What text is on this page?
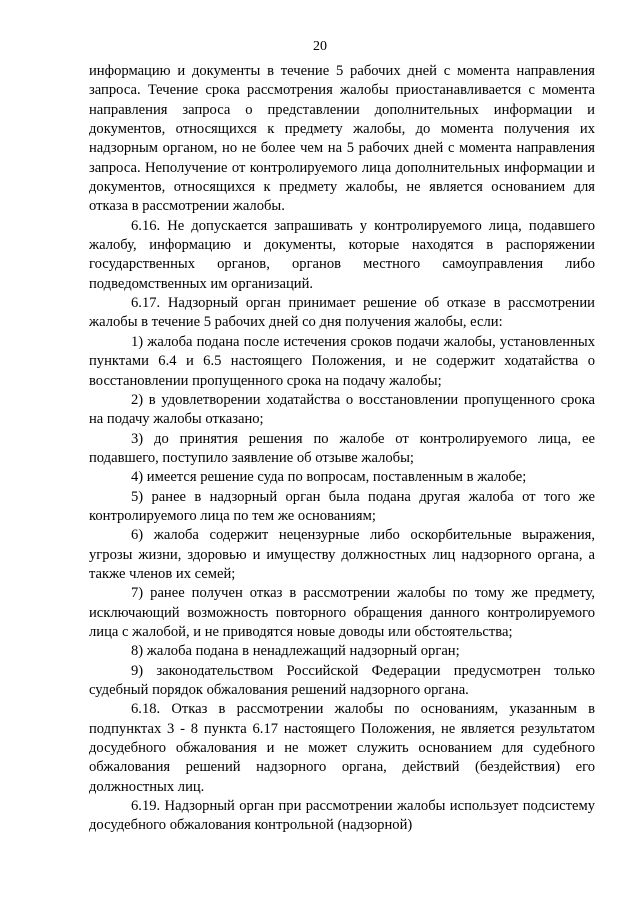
20

информацию и документы в течение 5 рабочих дней с момента направления запроса. Течение срока рассмотрения жалобы приостанавливается с момента направления запроса о представлении дополнительных информации и документов, относящихся к предмету жалобы, до момента получения их надзорным органом, но не более чем на 5 рабочих дней с момента направления запроса. Неполучение от контролируемого лица дополнительных информации и документов, относящихся к предмету жалобы, не является основанием для отказа в рассмотрении жалобы.

6.16. Не допускается запрашивать у контролируемого лица, подавшего жалобу, информацию и документы, которые находятся в распоряжении государственных органов, органов местного самоуправления либо подведомственных им организаций.

6.17. Надзорный орган принимает решение об отказе в рассмотрении жалобы в течение 5 рабочих дней со дня получения жалобы, если:

1) жалоба подана после истечения сроков подачи жалобы, установленных пунктами 6.4 и 6.5 настоящего Положения, и не содержит ходатайства о восстановлении пропущенного срока на подачу жалобы;

2) в удовлетворении ходатайства о восстановлении пропущенного срока на подачу жалобы отказано;

3) до принятия решения по жалобе от контролируемого лица, ее подавшего, поступило заявление об отзыве жалобы;

4) имеется решение суда по вопросам, поставленным в жалобе;

5) ранее в надзорный орган была подана другая жалоба от того же контролируемого лица по тем же основаниям;

6) жалоба содержит нецензурные либо оскорбительные выражения, угрозы жизни, здоровью и имуществу должностных лиц надзорного органа, а также членов их семей;

7) ранее получен отказ в рассмотрении жалобы по тому же предмету, исключающий возможность повторного обращения данного контролируемого лица с жалобой, и не приводятся новые доводы или обстоятельства;

8) жалоба подана в ненадлежащий надзорный орган;

9) законодательством Российской Федерации предусмотрен только судебный порядок обжалования решений надзорного органа.

6.18. Отказ в рассмотрении жалобы по основаниям, указанным в подпунктах 3 - 8 пункта 6.17 настоящего Положения, не является результатом досудебного обжалования и не может служить основанием для судебного обжалования решений надзорного органа, действий (бездействия) его должностных лиц.

6.19. Надзорный орган при рассмотрении жалобы использует подсистему досудебного обжалования контрольной (надзорной)
